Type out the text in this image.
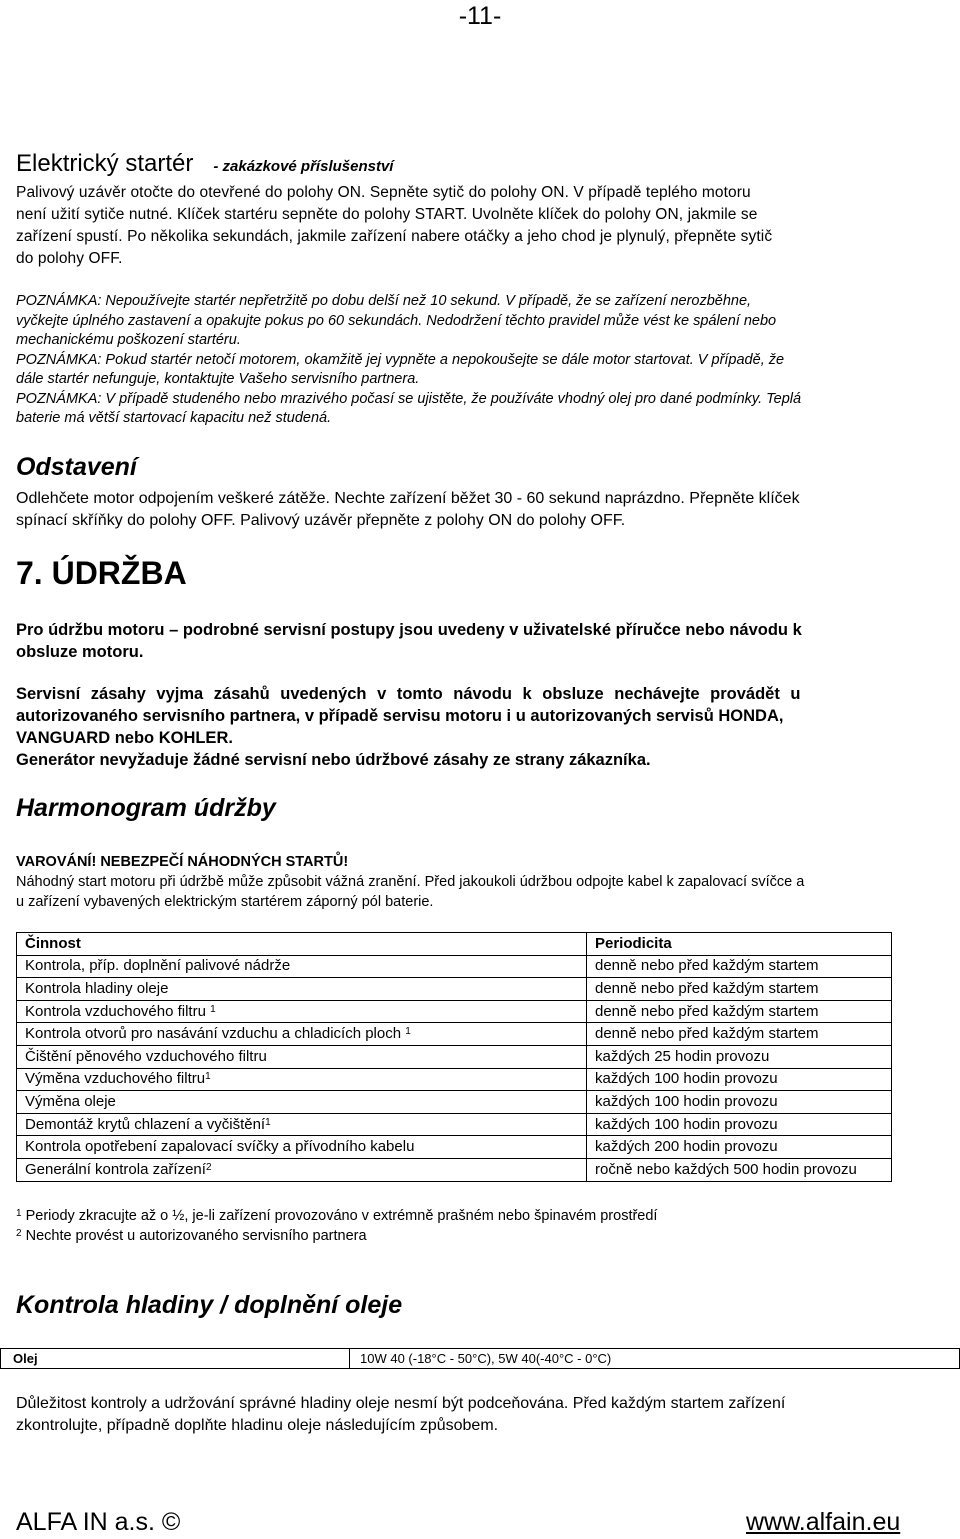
-11-
Elektrický startér - zakázkové příslušenství
Palivový uzávěr otočte do otevřené do polohy ON. Sepněte sytič do polohy ON. V případě teplého motoru
není užití sytiče nutné. Klíček startéru sepněte do polohy START. Uvolněte klíček do polohy ON, jakmile se
zařízení spustí. Po několika sekundách, jakmile zařízení nabere otáčky a jeho chod je plynulý, přepněte sytič
do polohy OFF.
POZNÁMKA: Nepoužívejte startér nepřetržitě po dobu delší než 10 sekund. V případě, že se zařízení nerozběhne,
vyčkejte úplného zastavení a opakujte pokus po 60 sekundách. Nedodržení těchto pravidel může vést ke spálení nebo
mechanickému poškození startéru.
POZNÁMKA: Pokud startér netočí motorem, okamžitě jej vypněte a nepokoušejte se dále motor startovat. V případě, že
dále startér nefunguje, kontaktujte Vašeho servisního partnera.
POZNÁMKA: V případě studeného nebo mrazivého počasí se ujistěte, že používáte vhodný olej pro dané podmínky. Teplá
baterie má větší startovací kapacitu než studená.
Odstavení
Odlehčete motor odpojením veškeré zátěže. Nechte zařízení běžet 30 - 60 sekund naprázdno. Přepněte klíček
spínací skříňky do polohy OFF. Palivový uzávěr přepněte z polohy ON do polohy OFF.
7. ÚDRŽBA
Pro údržbu motoru – podrobné servisní postupy jsou uvedeny v uživatelské příručce nebo návodu k
obsluze motoru.
Servisní zásahy vyjma zásahů uvedených v tomto návodu k obsluze nechávejte provádět u
autorizovaného servisního partnera, v případě servisu motoru i u autorizovaných servisů HONDA,
VANGUARD nebo KOHLER.
Generátor nevyžaduje žádné servisní nebo údržbové zásahy ze strany zákazníka.
Harmonogram údržby
VAROVÁNÍ! NEBEZPEČÍ NÁHODNÝCH STARTŮ!
Náhodný start motoru při údržbě může způsobit vážná zranění. Před jakoukoli údržbou odpojte kabel k zapalovací svíčce a
u zařízení vybavených elektrickým startérem záporný pól baterie.
Činnost	Periodicita
Kontrola, příp. doplnění palivové nádrže	denně nebo před každým startem
Kontrola hladiny oleje	denně nebo před každým startem
Kontrola vzduchového filtru $^1$	denně nebo před každým startem
Kontrola otvorů pro nasávání vzduchu a chladicích ploch $^1$	denně nebo před každým startem
Čištění pěnového vzduchového filtru	každých 25 hodin provozu
Výměna vzduchového filtru$^1$	každých 100 hodin provozu
Výměna oleje	každých 100 hodin provozu
Demontáž krytů chlazení a vyčištění$^1$	každých 100 hodin provozu
Kontrola opotřebení zapalovací svíčky a přívodního kabelu	každých 200 hodin provozu
Generální kontrola zařízení$^2$	ročně nebo každých 500 hodin provozu
$^1$ Periody zkracujte až o ½, je-li zařízení provozováno v extrémně prašném nebo špinavém prostředí
$^2$ Nechte provést u autorizovaného servisního partnera
Kontrola hladiny / doplnění oleje
Olej	10W 40 (-18°C - 50°C), 5W 40(-40°C - 0°C)
Důležitost kontroly a udržování správné hladiny oleje nesmí být podceňována. Před každým startem zařízení
zkontrolujte, případně doplňte hladinu oleje následujícím způsobem.
ALFA IN a.s. ©	www.alfain.eu
